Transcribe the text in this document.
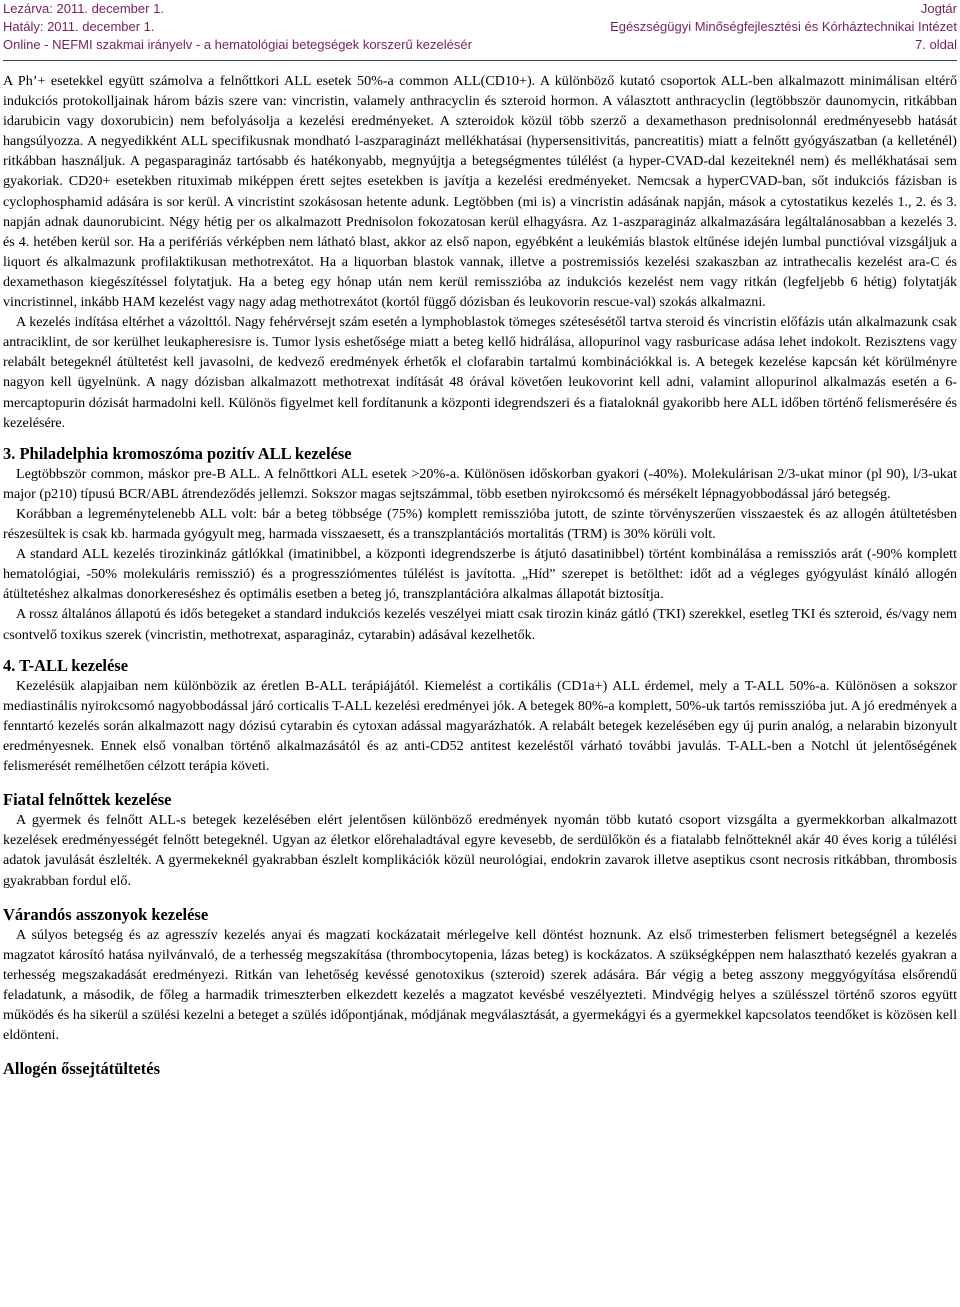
Lezárva: 2011. december 1.	Jogtár
Hatály: 2011. december 1.	Egészségügyi Minőségfejlesztési és Kórháztechnikai Intézet
Online - NEFMI szakmai irányelv - a hematológiai betegségek korszerű kezelésér	7. oldal

A Ph’+ esetekkel együtt számolva a felnőttkori ALL esetek 50%-a common ALL(CD10+). A különböző kutató csoportok ALL-ben alkalmazott minimálisan eltérő indukciós protokolljainak három bázis szere van: vincristin, valamely anthracyclin és szteroid hormon. A választott anthracyclin (legtöbbször daunomycin, ritkábban idarubicin vagy doxorubicin) nem befolyásolja a kezelési eredményeket. A szteroidok közül több szerző a dexamethason prednisolonnál eredményesebb hatását hangsúlyozza. A negyedikként ALL specifikusnak mondható l-aszparaginázt mellékhatásai (hypersensitivitás, pancreatitis) miatt a felnőtt gyógyászatban (a kelleténél) ritkábban használjuk. A pegasparagináz tartósabb és hatékonyabb, megnyújtja a betegségmentes túlélést (a hyper-CVAD-dal kezeiteknél nem) és mellékhatásai sem gyakoriak. CD20+ esetekben rituximab miképpen érett sejtes esetekben is javítja a kezelési eredményeket. Nemcsak a hyperCVAD-ban, sőt indukciós fázisban is cyclophosphamid adására is sor kerül. A vincristint szokásosan hetente adunk. Legtöbben (mi is) a vincristin adásának napján, mások a cytostatikus kezelés 1., 2. és 3. napján adnak daunorubicint. Négy hétig per os alkalmazott Prednisolon fokozatosan kerül elhagyásra. Az 1-aszparagináz alkalmazására legáltalánosabban a kezelés 3. és 4. hetében kerül sor. Ha a perifériás vérképben nem látható blast, akkor az első napon, egyébként a leukémiás blastok eltűnése idején lumbal punctióval vizsgáljuk a liquort és alkalmazunk profilaktikusan methotrexátot. Ha a liquorban blastok vannak, illetve a postremissiós kezelési szakaszban az intrathecalis kezelést ara-C és dexamethason kiegészítéssel folytatjuk. Ha a beteg egy hónap után nem kerül remisszióba az indukciós kezelést nem vagy ritkán (legfeljebb 6 hétig) folytatják vincristinnel, inkább HAM kezelést vagy nagy adag methotrexátot (kortól függő dózisban és leukovorin rescue-val) szokás alkalmazni.

A kezelés indítása eltérhet a vázolttól. Nagy fehérvérsejt szám esetén a lymphoblastok tömeges szétesésétől tartva steroid és vincristin előfázis után alkalmazunk csak antraciklint, de sor kerülhet leukapheresisre is. Tumor lysis eshetősége miatt a beteg kellő hidrálása, allopurinol vagy rasburicase adása lehet indokolt. Rezisztens vagy relabált betegeknél átültetést kell javasolni, de kedvező eredmények érhetők el clofarabin tartalmú kombinációkkal is. A betegek kezelése kapcsán két körülményre nagyon kell ügyelnünk. A nagy dózisban alkalmazott methotrexat indítását 48 órával követően leukovorint kell adni, valamint allopurinol alkalmazás esetén a 6-mercaptopurin dózisát harmadolni kell. Különös figyelmet kell fordítanunk a központi idegrendszeri és a fiataloknál gyakoribb here ALL időben történő felismerésére és kezelésére.

3. Philadelphia kromoszóma pozitív ALL kezelése

Legtöbbször common, máskor pre-B ALL. A felnőttkori ALL esetek >20%-a. Különösen időskorban gyakori (-40%). Molekulárisan 2/3-ukat minor (pl 90), l/3-ukat major (p210) típusú BCR/ABL átrendeződés jellemzi. Sokszor magas sejtszámmal, több esetben nyirokcsomó és mérsékelt lépnagyobbodással járó betegség.

Korábban a legreménytelenebb ALL volt: bár a beteg többsége (75%) komplett remisszióba jutott, de szinte törvényszerűen visszaestek és az allogén átültetésben részesültek is csak kb. harmada gyógyult meg, harmada visszaesett, és a transzplantációs mortalitás (TRM) is 30% körüli volt.

A standard ALL kezelés tirozinkináz gátlókkal (imatinibbel, a központi idegrendszerbe is átjutó dasatinibbel) történt kombinálása a remissziós arát (-90% komplett hematológiai, -50% molekuláris remisszió) és a progressziómentes túlélést is javította. „Híd” szerepet is betölthet: időt ad a végleges gyógyulást kínáló allogén átültetéshez alkalmas donorkereséshez és optimális esetben a beteg jó, transzplantációra alkalmas állapotát biztosítja.

A rossz általános állapotú és idős betegeket a standard indukciós kezelés veszélyei miatt csak tirozin kináz gátló (TKI) szerekkel, esetleg TKI és szteroid, és/vagy nem csontvelő toxikus szerek (vincristin, methotrexat, asparagináz, cytarabin) adásával kezelhetők.

4. T-ALL kezelése

Kezelésük alapjaiban nem különbözik az éretlen B-ALL terápiájától. Kiemelést a cortikális (CD1a+) ALL érdemel, mely a T-ALL 50%-a. Különösen a sokszor mediastinális nyirokcsomó nagyobbodással járó corticalis T-ALL kezelési eredményei jók. A betegek 80%-a komplett, 50%-uk tartós remisszióba jut. A jó eredmények a fenntartó kezelés során alkalmazott nagy dózisú cytarabin és cytoxan adással magyarázhatók. A relabált betegek kezelésében egy új purin analóg, a nelarabin bizonyult eredményesnek. Ennek első vonalban történő alkalmazásától és az anti-CD52 antitest kezeléstől várható további javulás. T-ALL-ben a Notchl út jelentőségének felismerését remélhetően célzott terápia követi.

Fiatal felnőttek kezelése

A gyermek és felnőtt ALL-s betegek kezelésében elért jelentősen különböző eredmények nyomán több kutató csoport vizsgálta a gyermekkorban alkalmazott kezelések eredményességét felnőtt betegeknél. Ugyan az életkor előrehaladtával egyre kevesebb, de serdülőkön és a fiatalabb felnőtteknél akár 40 éves korig a túlélési adatok javulását észlelték. A gyermekeknél gyakrabban észlelt komplikációk közül neurológiai, endokrin zavarok illetve aseptikus csont necrosis ritkábban, thrombosis gyakrabban fordul elő.

Várandós asszonyok kezelése

A súlyos betegség és az agresszív kezelés anyai és magzati kockázatait mérlegelve kell döntést hoznunk. Az első trimesterben felismert betegségnél a kezelés magzatot károsító hatása nyilvánvaló, de a terhesség megszakítása (thrombocytopenia, lázas beteg) is kockázatos. A szükségképpen nem halasztható kezelés gyakran a terhesség megszakadását eredményezi. Ritkán van lehetőség kevéssé genotoxikus (szteroid) szerek adására. Bár végig a beteg asszony meggyógyítása elsőrendű feladatunk, a második, de főleg a harmadik trimeszterben elkezdett kezelés a magzatot kevésbé veszélyezteti. Mindvégig helyes a szülésszel történő szoros együtt működés és ha sikerül a szülési kezelni a beteget a szülés időpontjának, módjának megválasztását, a gyermekágyi és a gyermekkel kapcsolatos teendőket is közösen kell eldönteni.

Allogén őssejtátültetés
